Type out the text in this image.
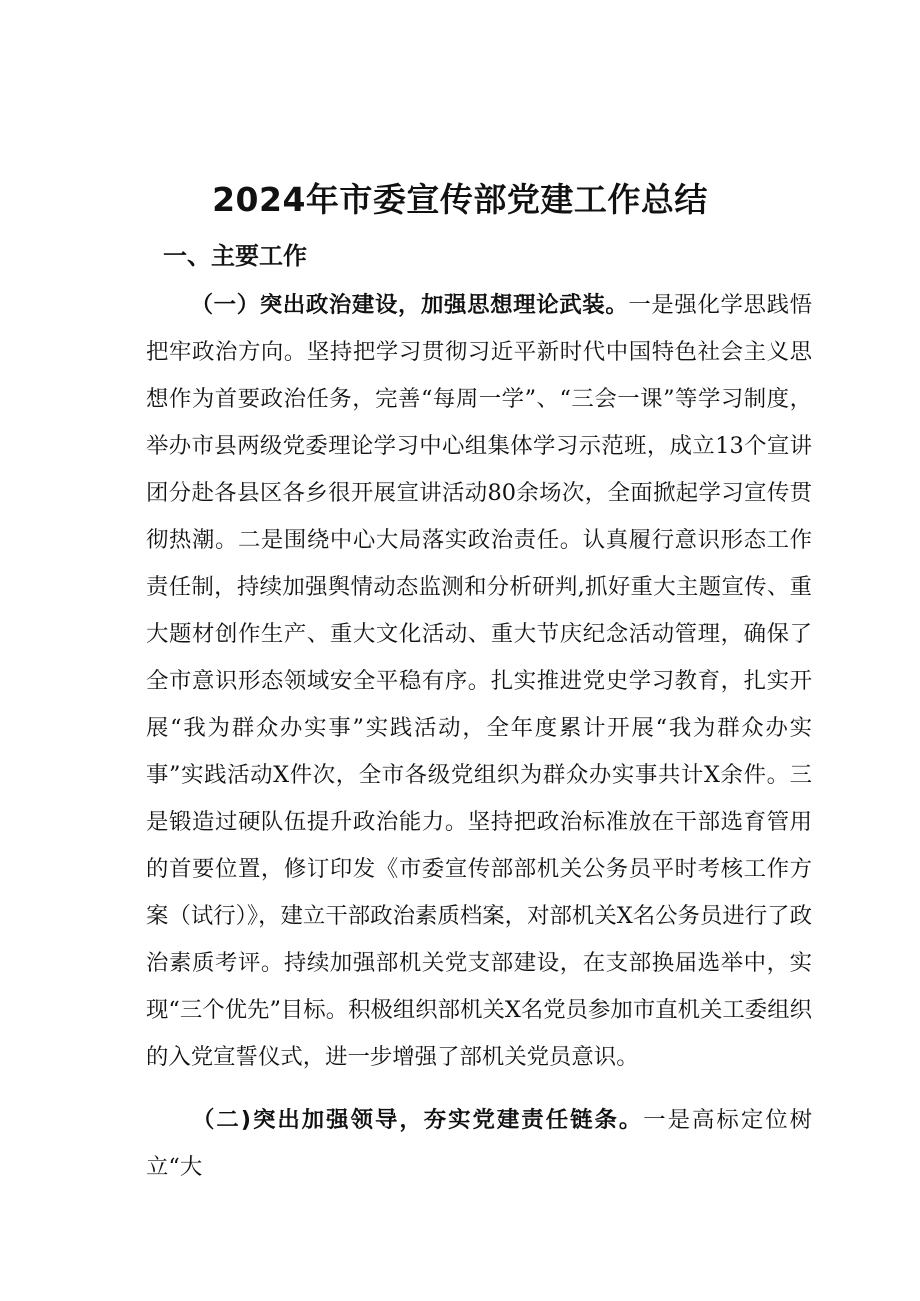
2024年市委宣传部党建工作总结
一、主要工作
（一）突出政治建设，加强思想理论武装。一是强化学思践悟把牢政治方向。坚持把学习贯彻习近平新时代中国特色社会主义思想作为首要政治任务，完善“每周一学”、“三会一课”等学习制度，举办市县两级党委理论学习中心组集体学习示范班，成立13个宣讲团分赴各县区各乡很开展宣讲活动80余场次，全面掀起学习宣传贯彻热潮。二是围绕中心大局落实政治责任。认真履行意识形态工作责任制，持续加强舆情动态监测和分析研判,抓好重大主题宣传、重大题材创作生产、重大文化活动、重大节庆纪念活动管理，确保了全市意识形态领域安全平稳有序。扎实推进党史学习教育，扎实开展“我为群众办实事”实践活动，全年度累计开展“我为群众办实事”实践活动X件次，全市各级党组织为群众办实事共计X余件。三是锻造过硬队伍提升政治能力。坚持把政治标准放在干部选育管用的首要位置，修订印发《市委宣传部部机关公务员平时考核工作方案（试行）》，建立干部政治素质档案，对部机关X名公务员进行了政治素质考评。持续加强部机关党支部建设，在支部换届选举中，实现“三个优先”目标。积极组织部机关X名党员参加市直机关工委组织的入党宣誓仪式，进一步增强了部机关党员意识。
（二)突出加强领导，夯实党建责任链条。一是高标定位树立“大
